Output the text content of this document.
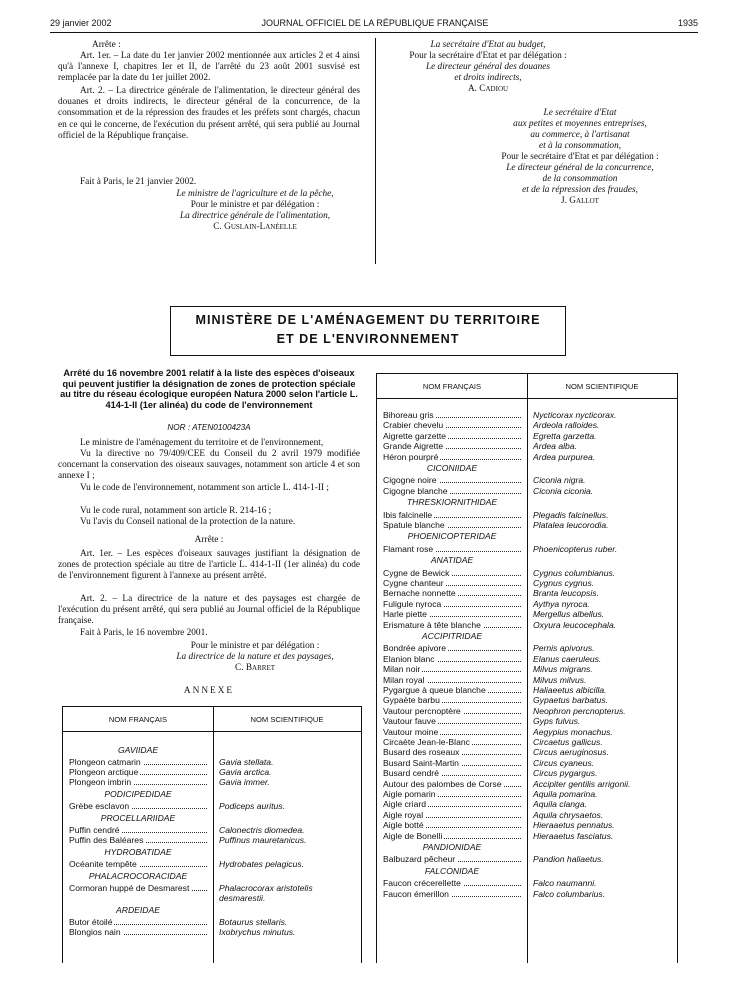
29 janvier 2002	JOURNAL OFFICIEL DE LA RÉPUBLIQUE FRANÇAISE	1935
Arrête :
Art. 1er. – La date du 1er janvier 2002 mentionnée aux articles 2 et 4 ainsi qu'à l'annexe I, chapitres Ier et II, de l'arrêté du 23 août 2001 susvisé est remplacée par la date du 1er juillet 2002.
Art. 2. – La directrice générale de l'alimentation, le directeur général des douanes et droits indirects, le directeur général de la concurrence, de la consommation et de la répression des fraudes et les préfets sont chargés, chacun en ce qui le concerne, de l'exécution du présent arrêté, qui sera publié au Journal officiel de la République française.
Fait à Paris, le 21 janvier 2002.
Le ministre de l'agriculture et de la pêche,
Pour le ministre et par délégation :
La directrice générale de l'alimentation,
C. Guslain-Lanéelle
La secrétaire d'Etat au budget,
Pour la secrétaire d'Etat et par délégation :
Le directeur général des douanes
et droits indirects,
A. Cadiou
Le secrétaire d'Etat
aux petites et moyennes entreprises,
au commerce, à l'artisanat
et à la consommation,
Pour le secrétaire d'Etat et par délégation :
Le directeur général de la concurrence,
de la consommation
et de la répression des fraudes,
J. Gallot
MINISTÈRE DE L'AMÉNAGEMENT DU TERRITOIRE
ET DE L'ENVIRONNEMENT
Arrêté du 16 novembre 2001 relatif à la liste des espèces d'oiseaux qui peuvent justifier la désignation de zones de protection spéciale au titre du réseau écologique européen Natura 2000 selon l'article L. 414-1-II (1er alinéa) du code de l'environnement
NOR : ATEN0100423A
Le ministre de l'aménagement du territoire et de l'environnement,
Vu la directive no 79/409/CEE du Conseil du 2 avril 1979 modifiée concernant la conservation des oiseaux sauvages, notamment son article 4 et son annexe I ;
Vu le code de l'environnement, notamment son article L. 414-1-II ;
Vu le code rural, notamment son article R. 214-16 ;
Vu l'avis du Conseil national de la protection de la nature.
Arrête :
Art. 1er. – Les espèces d'oiseaux sauvages justifiant la désignation de zones de protection spéciale au titre de l'article L. 414-1-II (1er alinéa) du code de l'environnement figurent à l'annexe au présent arrêté.
Art. 2. – La directrice de la nature et des paysages est chargée de l'exécution du présent arrêté, qui sera publié au Journal officiel de la République française.
Fait à Paris, le 16 novembre 2001.
Pour le ministre et par délégation :
La directrice de la nature et des paysages,
C. Barret
ANNEXE
NOM FRANÇAIS	NOM SCIENTIFIQUE
GAVIIDAE
Plongeon catmarin	Gavia stellata.
Plongeon arctique	Gavia arctica.
Plongeon imbrin	Gavia immer.
PODICIPEDIDAE
Grèbe esclavon	Podiceps auritus.
PROCELLARIIDAE
Puffin cendré	Calonectris diomedea.
Puffin des Baléares	Puffinus mauretanicus.
HYDROBATIDAE
Océanite tempête	Hydrobates pelagicus.
PHALACROCORACIDAE
Cormoran huppé de Desmarest	Phalacrocorax aristotelis desmarestii.
ARDEIDAE
Butor étoilé	Botaurus stellaris.
Blongios nain	Ixobrychus minutus.
NOM FRANÇAIS	NOM SCIENTIFIQUE
Bihoreau gris	Nycticorax nycticorax.
Crabier chevelu	Ardeola ralloides.
Aigrette garzette	Egretta garzetta.
Grande Aigrette	Ardea alba.
Héron pourpré	Ardea purpurea.
CICONIIDAE
Cigogne noire	Ciconia nigra.
Cigogne blanche	Ciconia ciconia.
THRESKIORNITHIDAE
Ibis falcinelle	Plegadis falcinellus.
Spatule blanche	Platalea leucorodia.
PHOENICOPTERIDAE
Flamant rose	Phoenicopterus ruber.
ANATIDAE
Cygne de Bewick	Cygnus columbianus.
Cygne chanteur	Cygnus cygnus.
Bernache nonnette	Branta leucopsis.
Fuligule nyroca	Aythya nyroca.
Harle piette	Mergellus albellus.
Erismature à tête blanche	Oxyura leucocephala.
ACCIPITRIDAE
Bondrée apivore	Pernis apivorus.
Elanion blanc	Elanus caeruleus.
Milan noir	Milvus migrans.
Milan royal	Milvus milvus.
Pygargue à queue blanche	Haliaeetus albicilla.
Gypaète barbu	Gypaetus barbatus.
Vautour percnoptère	Neophron percnopterus.
Vautour fauve	Gyps fulvus.
Vautour moine	Aegypius monachus.
Circaète Jean-le-Blanc	Circaetus gallicus.
Busard des roseaux	Circus aeruginosus.
Busard Saint-Martin	Circus cyaneus.
Busard cendré	Circus pygargus.
Autour des palombes de Corse	Accipiter gentilis arrigonii.
Aigle pomarin	Aquila pomarina.
Aigle criard	Aquila clanga.
Aigle royal	Aquila chrysaetos.
Aigle botté	Hieraaetus pennatus.
Aigle de Bonelli	Hieraaetus fasciatus.
PANDIONIDAE
Balbuzard pêcheur	Pandion haliaetus.
FALCONIDAE
Faucon crécerellette	Falco naumanni.
Faucon émerillon	Falco columbarius.
